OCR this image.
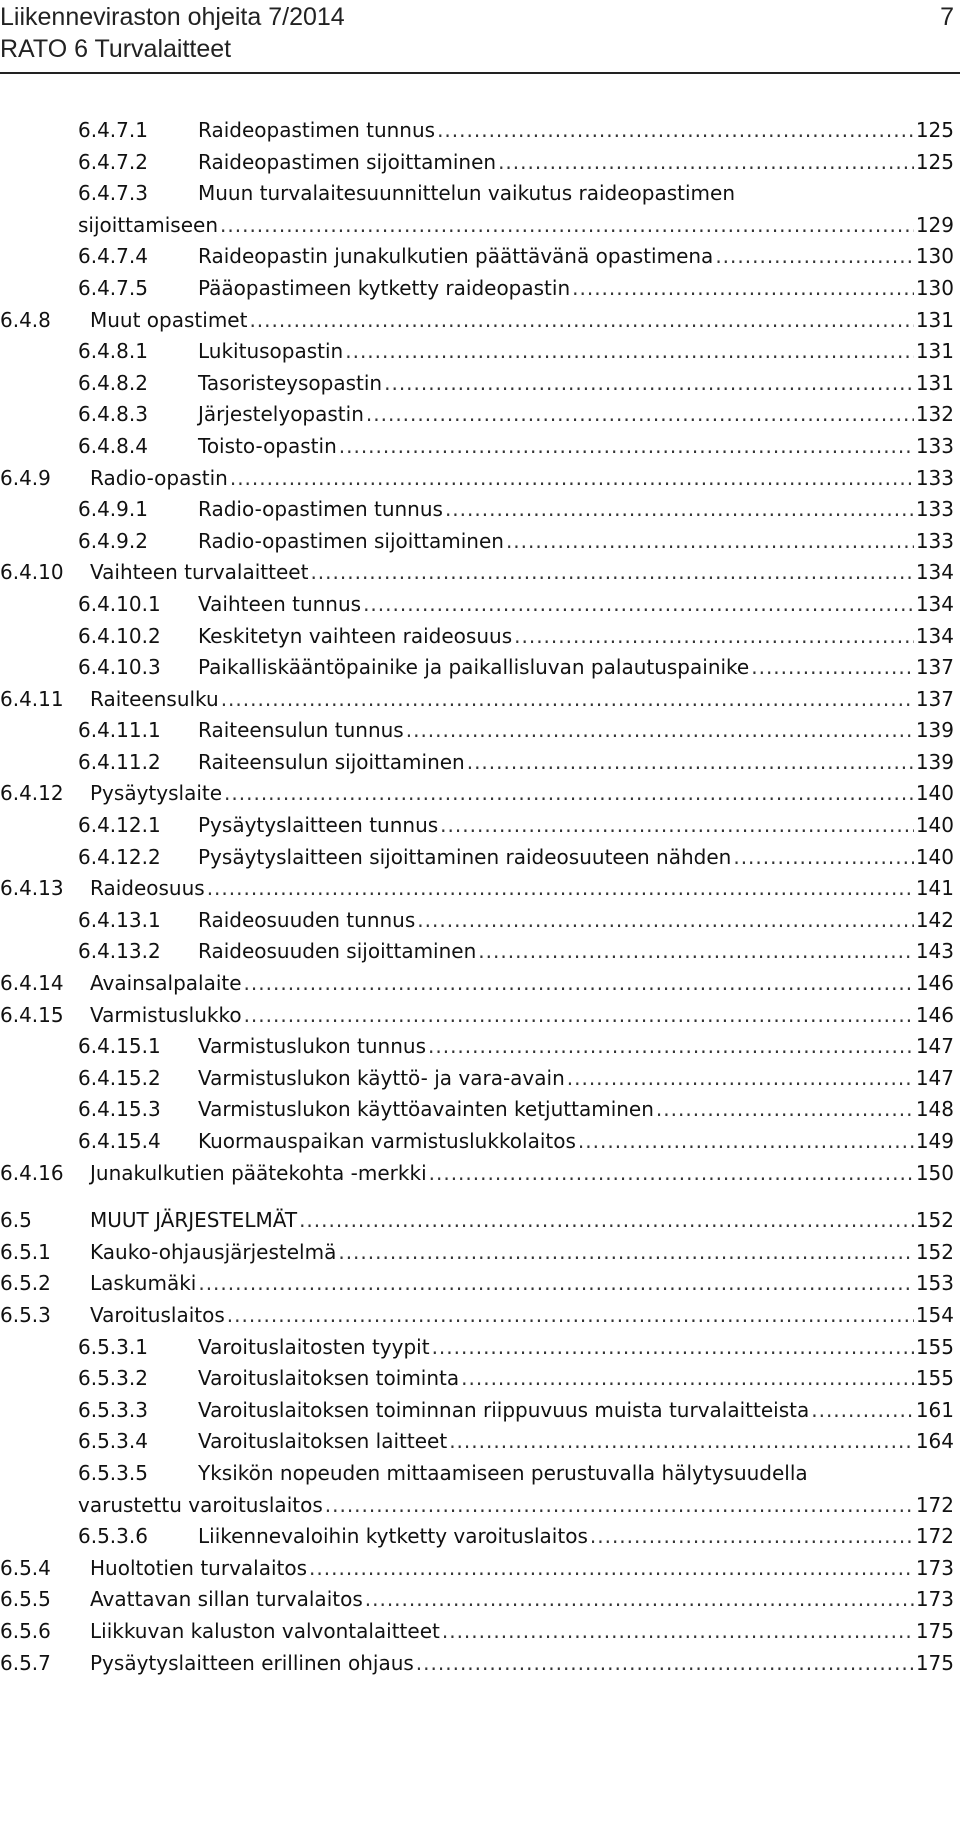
Liikenneviraston ohjeita 7/2014
RATO 6 Turvalaitteet
7
6.4.7.1	Raideopastimen tunnus .....	125
6.4.7.2	Raideopastimen sijoittaminen .....	125
6.4.7.3	Muun turvalaitesuunnittelun vaikutus raideopastimen
sijoittamiseen .....	129
6.4.7.4	Raideopastin junakulkutien päättävänä opastimena .....	130
6.4.7.5	Pääopastimeen kytketty raideopastin .....	130
6.4.8 Muut opastimet .....	131
6.4.8.1	Lukitusopastin .....	131
6.4.8.2	Tasoristeysopastin .....	131
6.4.8.3	Järjestelyopastin .....	132
6.4.8.4	Toisto-opastin .....	133
6.4.9 Radio-opastin .....	133
6.4.9.1	Radio-opastimen tunnus .....	133
6.4.9.2	Radio-opastimen sijoittaminen .....	133
6.4.10 Vaihteen turvalaitteet .....	134
6.4.10.1 Vaihteen tunnus .....	134
6.4.10.2 Keskitetyn vaihteen raideosuus .....	134
6.4.10.3 Paikalliskääntöpainike ja paikallisluvan palautuspainike .....	137
6.4.11 Raiteensulku .....	137
6.4.11.1 Raiteensulun tunnus .....	139
6.4.11.2 Raiteensulun sijoittaminen .....	139
6.4.12 Pysäytyslaite .....	140
6.4.12.1 Pysäytyslaitteen tunnus .....	140
6.4.12.2 Pysäytyslaitteen sijoittaminen raideosuuteen nähden .....	140
6.4.13 Raideosuus .....	141
6.4.13.1 Raideosuuden tunnus .....	142
6.4.13.2 Raideosuuden sijoittaminen .....	143
6.4.14 Avainsalpalaite .....	146
6.4.15 Varmistuslukko .....	146
6.4.15.1 Varmistuslukon tunnus .....	147
6.4.15.2 Varmistuslukon käyttö- ja vara-avain .....	147
6.4.15.3 Varmistuslukon käyttöavainten ketjuttaminen .....	148
6.4.15.4 Kuormauspaikan varmistuslukkolaitos .....	149
6.4.16 Junakulkutien päätekohta -merkki .....	150
6.5	MUUT JÄRJESTELMÄT .....	152
6.5.1 Kauko-ohjausjärjestelmä .....	152
6.5.2 Laskumäki .....	153
6.5.3 Varoituslaitos .....	154
6.5.3.1	Varoituslaitosten tyypit .....	155
6.5.3.2	Varoituslaitoksen toiminta .....	155
6.5.3.3	Varoituslaitoksen toiminnan riippuvuus muista turvalaitteista .....	161
6.5.3.4	Varoituslaitoksen laitteet .....	164
6.5.3.5	Yksikön nopeuden mittaamiseen perustuvalla hälytysuudella
varustettu varoituslaitos .....	172
6.5.3.6	Liikennevaloihin kytketty varoituslaitos .....	172
6.5.4 Huoltotien turvalaitos .....	173
6.5.5 Avattavan sillan turvalaitos .....	173
6.5.6 Liikkuvan kaluston valvontalaitteet .....	175
6.5.7 Pysäytyslaitteen erillinen ohjaus .....	175
